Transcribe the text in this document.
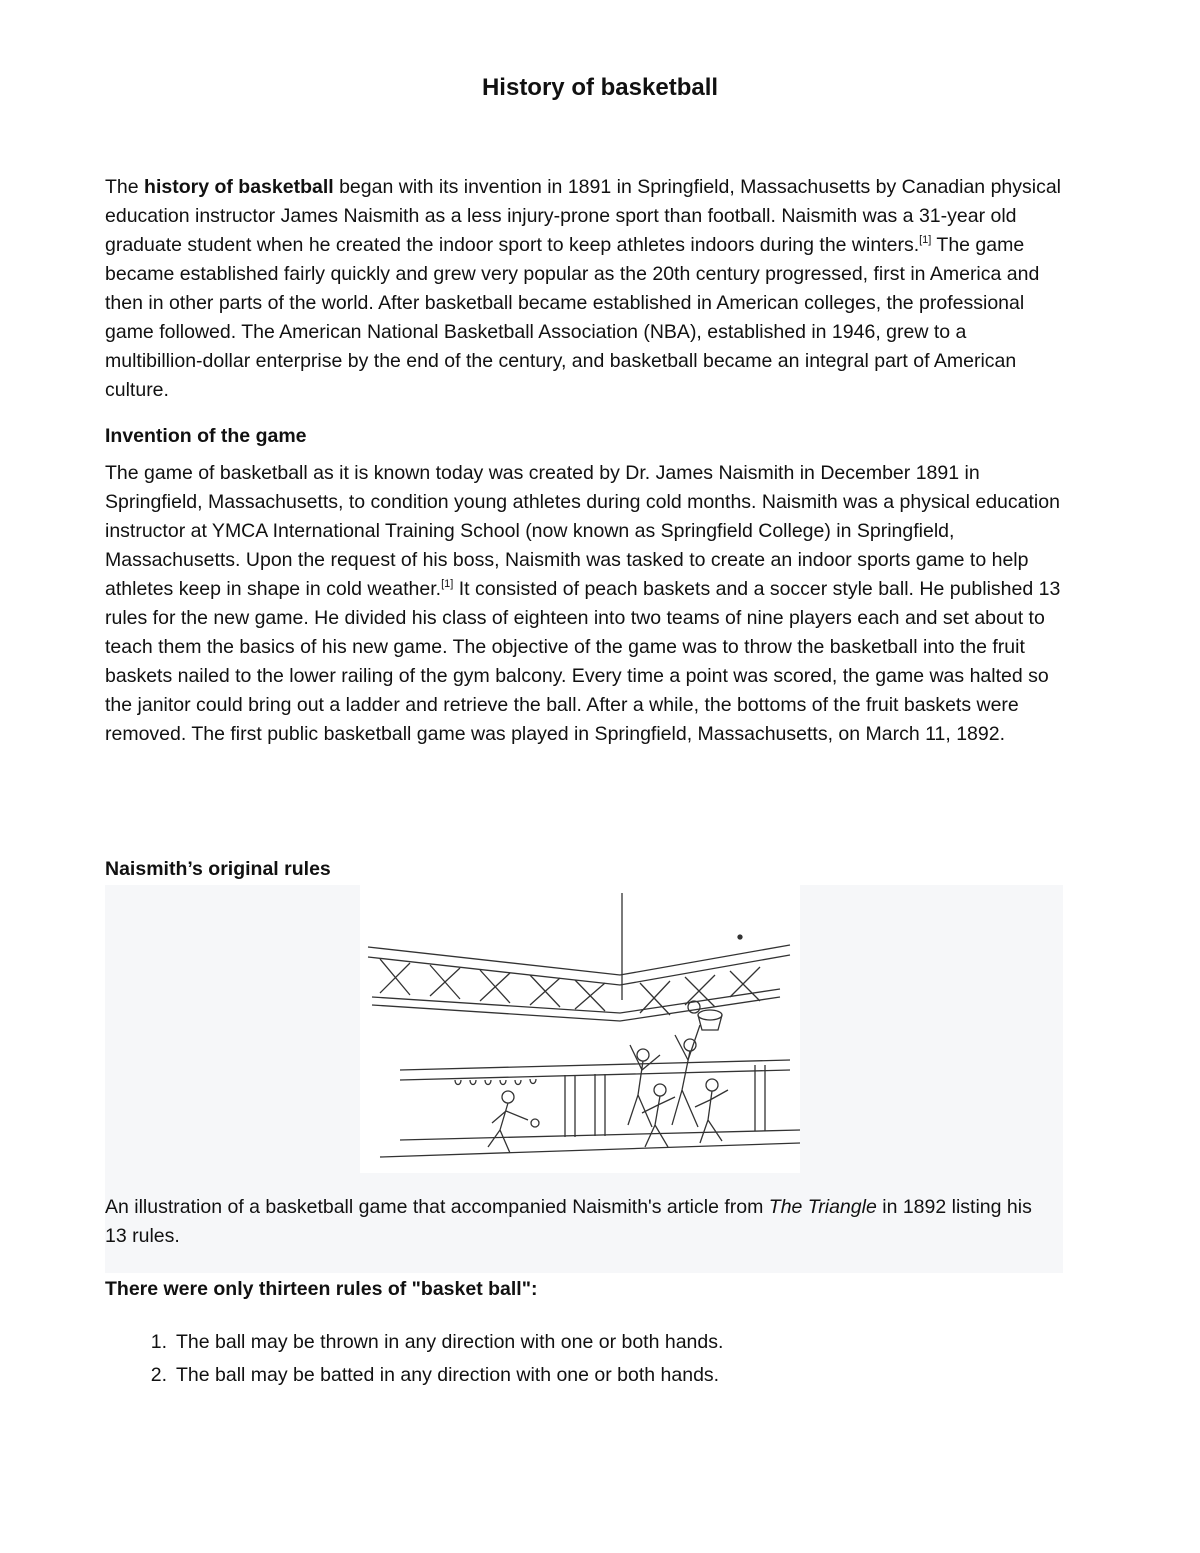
History of basketball

The history of basketball began with its invention in 1891 in Springfield, Massachusetts by Canadian physical education instructor James Naismith as a less injury-prone sport than football. Naismith was a 31-year old graduate student when he created the indoor sport to keep athletes indoors during the winters.[1] The game became established fairly quickly and grew very popular as the 20th century progressed, first in America and then in other parts of the world. After basketball became established in American colleges, the professional game followed. The American National Basketball Association (NBA), established in 1946, grew to a multibillion-dollar enterprise by the end of the century, and basketball became an integral part of American culture.

Invention of the game

The game of basketball as it is known today was created by Dr. James Naismith in December 1891 in Springfield, Massachusetts, to condition young athletes during cold months. Naismith was a physical education instructor at YMCA International Training School (now known as Springfield College) in Springfield, Massachusetts. Upon the request of his boss, Naismith was tasked to create an indoor sports game to help athletes keep in shape in cold weather.[1] It consisted of peach baskets and a soccer style ball. He published 13 rules for the new game. He divided his class of eighteen into two teams of nine players each and set about to teach them the basics of his new game. The objective of the game was to throw the basketball into the fruit baskets nailed to the lower railing of the gym balcony. Every time a point was scored, the game was halted so the janitor could bring out a ladder and retrieve the ball. After a while, the bottoms of the fruit baskets were removed. The first public basketball game was played in Springfield, Massachusetts, on March 11, 1892.

Naismith’s original rules

An illustration of a basketball game that accompanied Naismith's article from The Triangle in 1892 listing his 13 rules.

There were only thirteen rules of "basket ball":
1 . The ball may be thrown in any direction with one or both hands.
2 . The ball may be batted in any direction with one or both hands.
